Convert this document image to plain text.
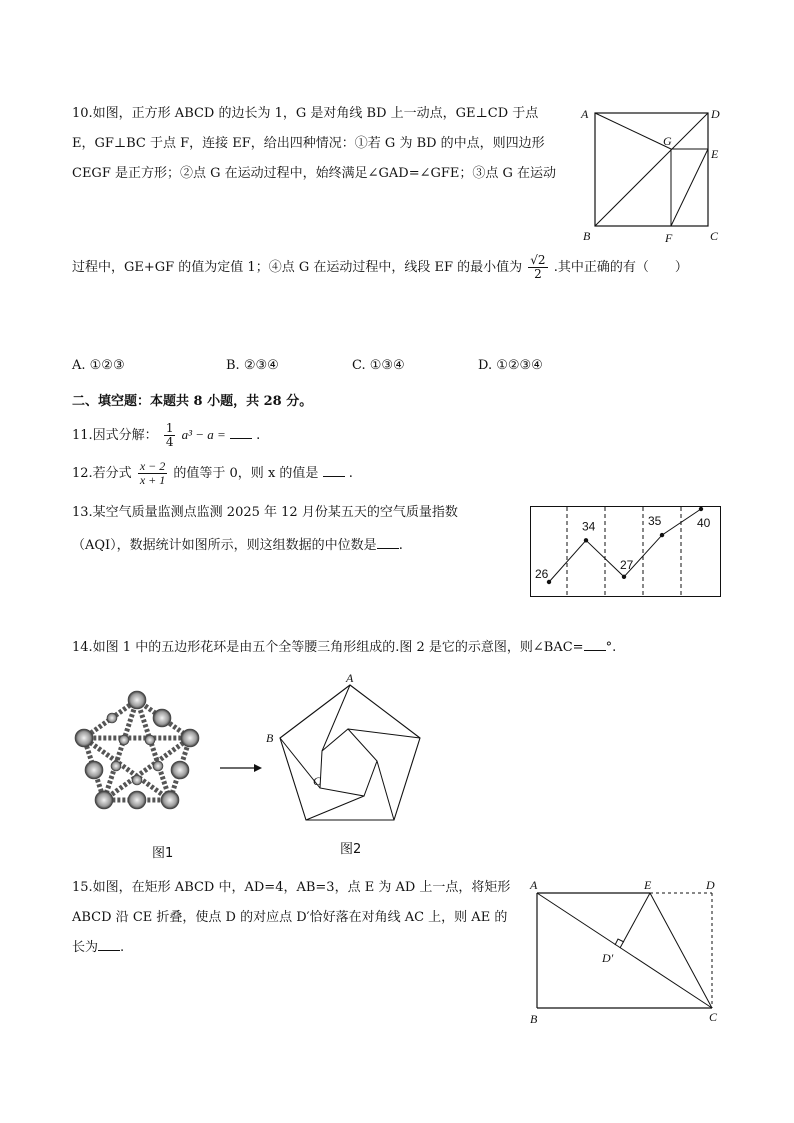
10.如图，正方形 ABCD 的边长为 1，G 是对角线 BD 上一动点，GE⊥CD 于点
E，GF⊥BC 于点 F，连接 EF，给出四种情况：①若 G 为 BD 的中点，则四边形
CEGF 是正方形；②点 G 在运动过程中，始终满足∠GAD=∠GFE；③点 G 在运动
过程中，GE+GF 的值为定值 1；④点 G 在运动过程中，线段 EF 的最小值为 $\frac{√2}{2}$ .其中正确的有（　　）
A	D
G
E
B	F	C
A. ①②③	B. ②③④	C. ①③④	D. ①②③④
二、填空题：本题共 8 小题，共 28 分。
11.因式分解： $\frac{1}{4} a^3 - a$ = .
12.若分式 $\frac{x - 2}{x + 1}$ 的值等于 0，则 x 的值是 .
13.某空气质量监测点监测 2025 年 12 月份某五天的空气质量指数
（AQI），数据统计如图所示，则这组数据的中位数是 .
26
34
27
35	40
14.如图 1 中的五边形花环是由五个全等腰三角形组成的.图 2 是它的示意图，则∠BAC= °.
A
B
C
图1	图2
15.如图，在矩形 ABCD 中，AD=4，AB=3，点 E 为 AD 上一点，将矩形
ABCD 沿 CE 折叠，使点 D 的对应点 D′恰好落在对角线 AC 上，则 AE 的
长为 .
A	E	D
D′
B	C
